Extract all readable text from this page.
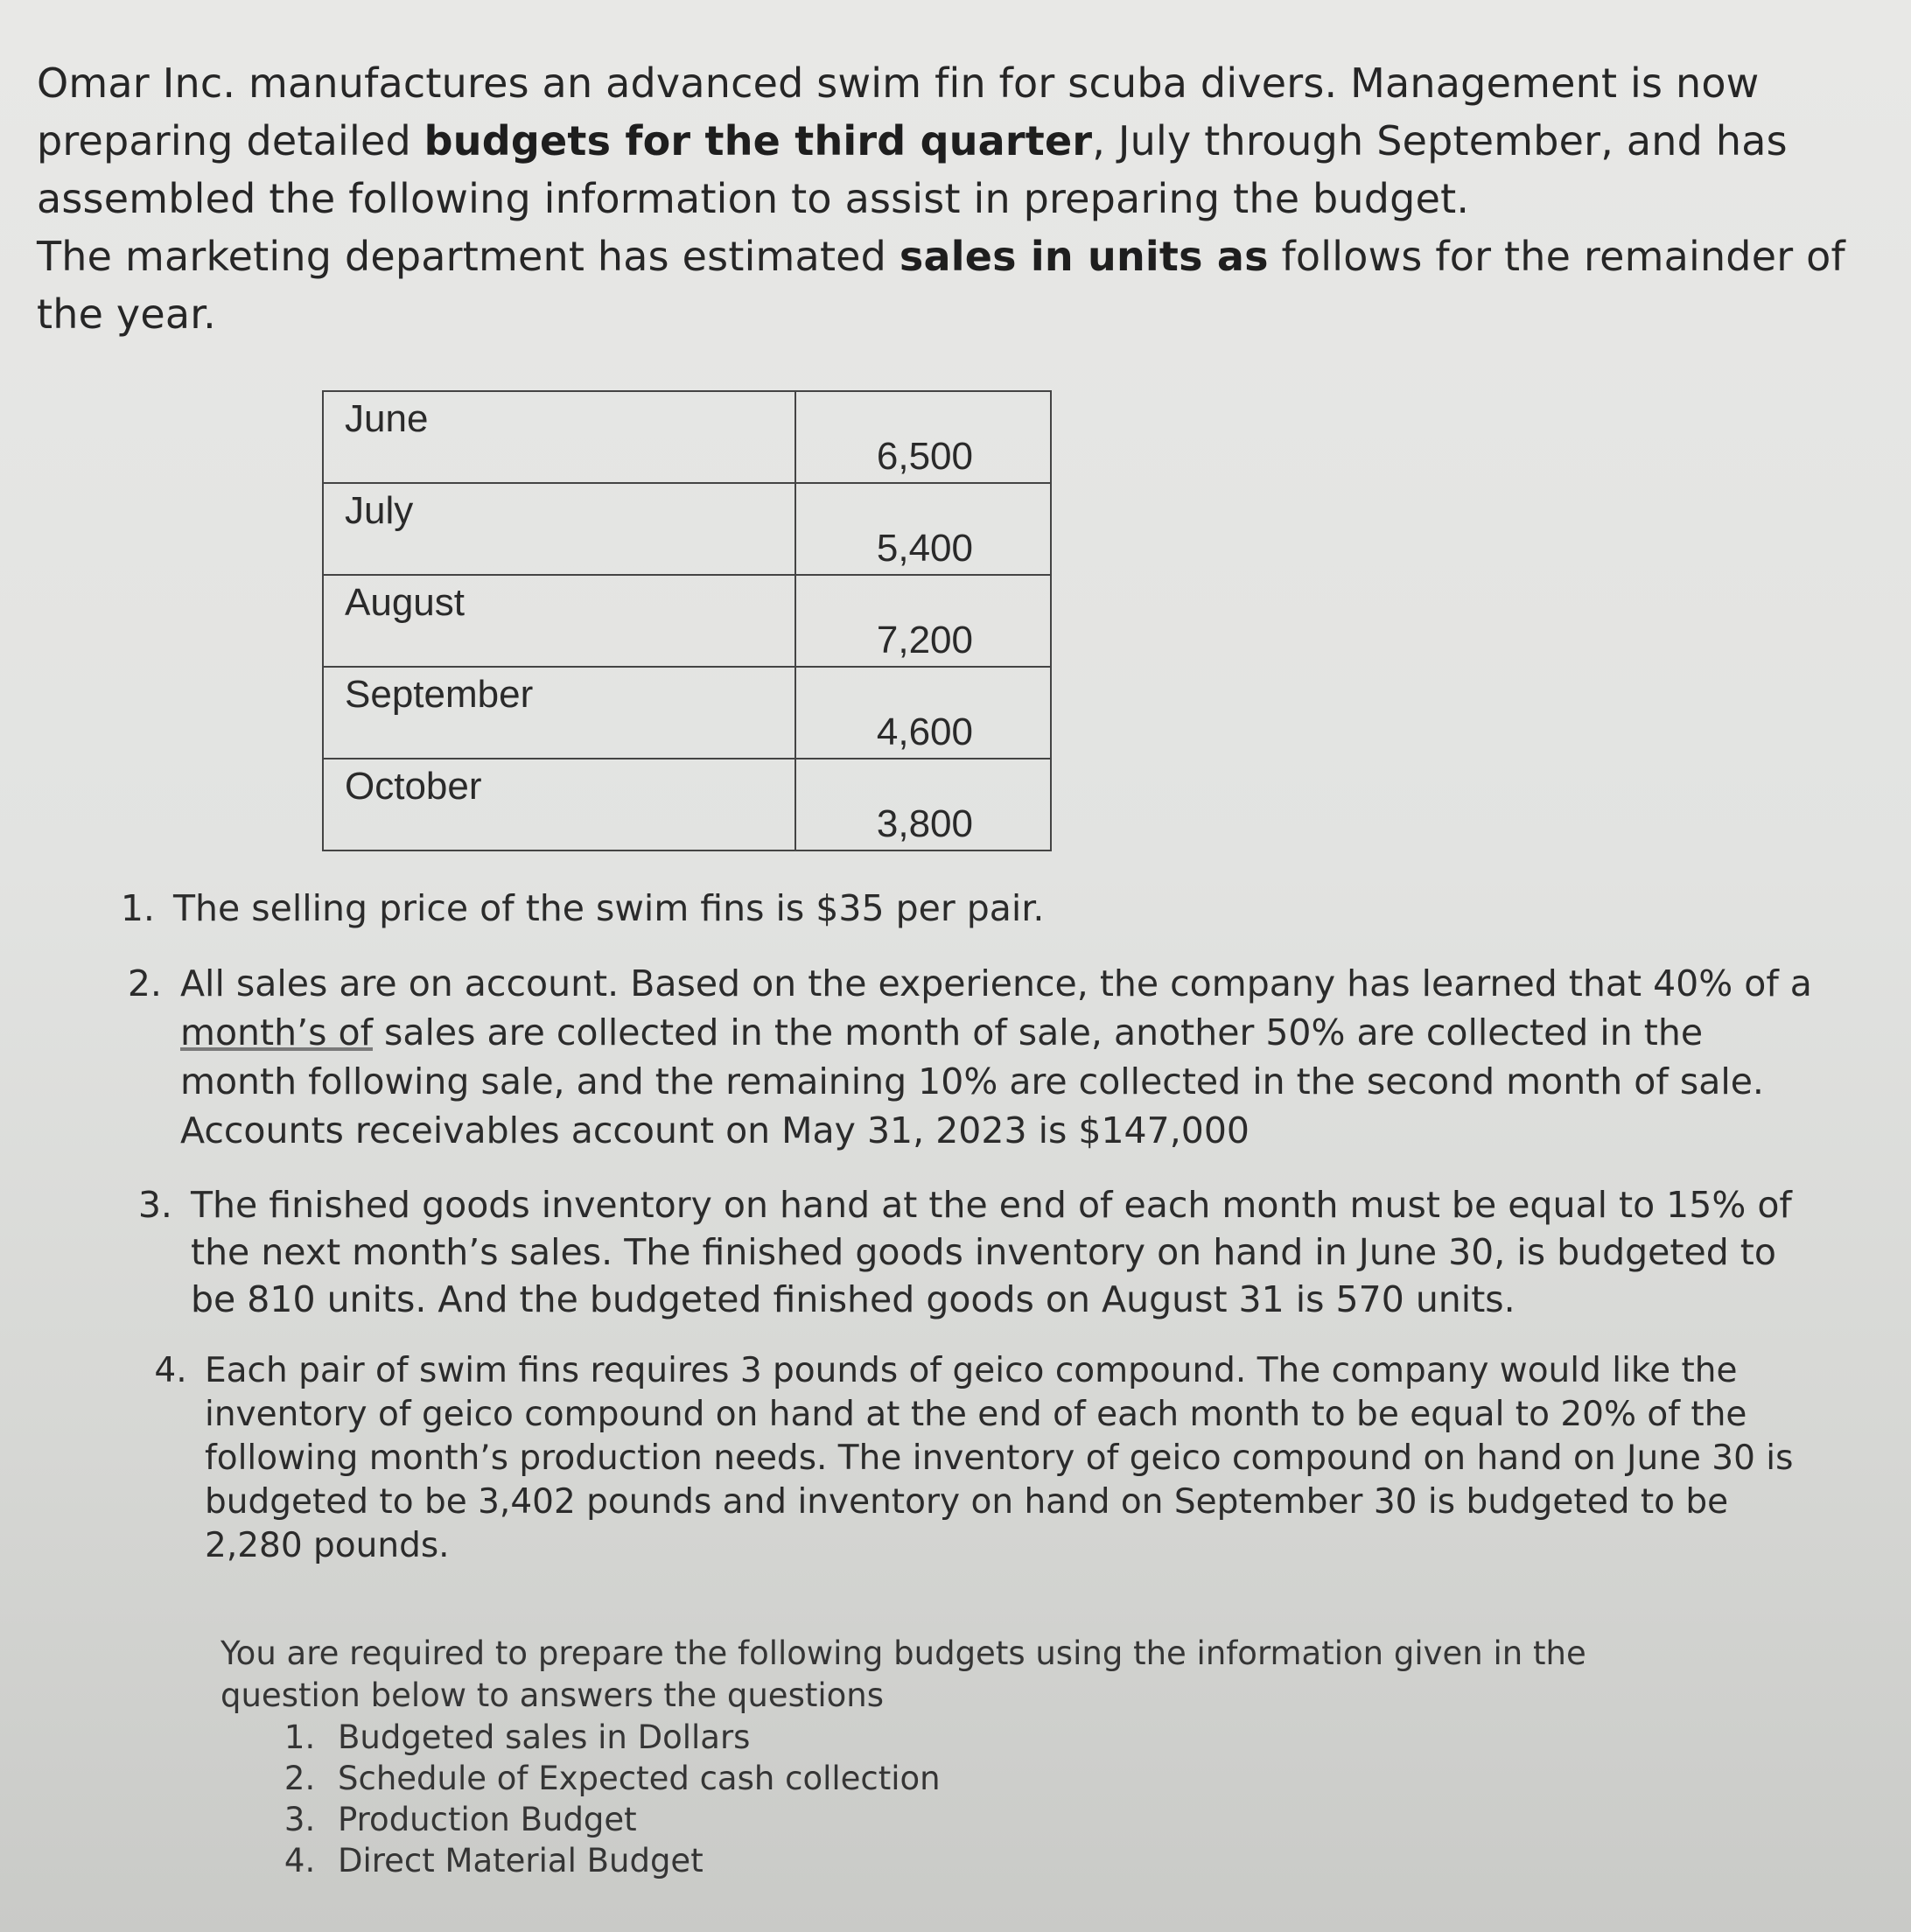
Omar Inc. manufactures an advanced swim fin for scuba divers. Management is now preparing detailed budgets for the third quarter, July through September, and has assembled the following information to assist in preparing the budget.

The marketing department has estimated sales in units as follows for the remainder of the year.

June	6,500

July	5,400

August	7,200

September	4,600

October	3,800
1. The selling price of the swim fins is $35 per pair.
2. All sales are on account. Based on the experience, the company has learned that 40% of a month’s of sales are collected in the month of sale, another 50% are collected in the month following sale, and the remaining 10% are collected in the second month of sale. Accounts receivables account on May 31, 2023 is $147,000
3. The finished goods inventory on hand at the end of each month must be equal to 15% of the next month’s sales. The finished goods inventory on hand in June 30, is budgeted to be 810 units. And the budgeted finished goods on August 31 is 570 units.
4. Each pair of swim fins requires 3 pounds of geico compound. The company would like the inventory of geico compound on hand at the end of each month to be equal to 20% of the following month’s production needs. The inventory of geico compound on hand on June 30 is budgeted to be 3,402 pounds and inventory on hand on September 30 is budgeted to be 2,280 pounds.

You are required to prepare the following budgets using the information given in the question below to answers the questions

1. Budgeted sales in Dollars
2. Schedule of Expected cash collection
3. Production Budget
4. Direct Material Budget
